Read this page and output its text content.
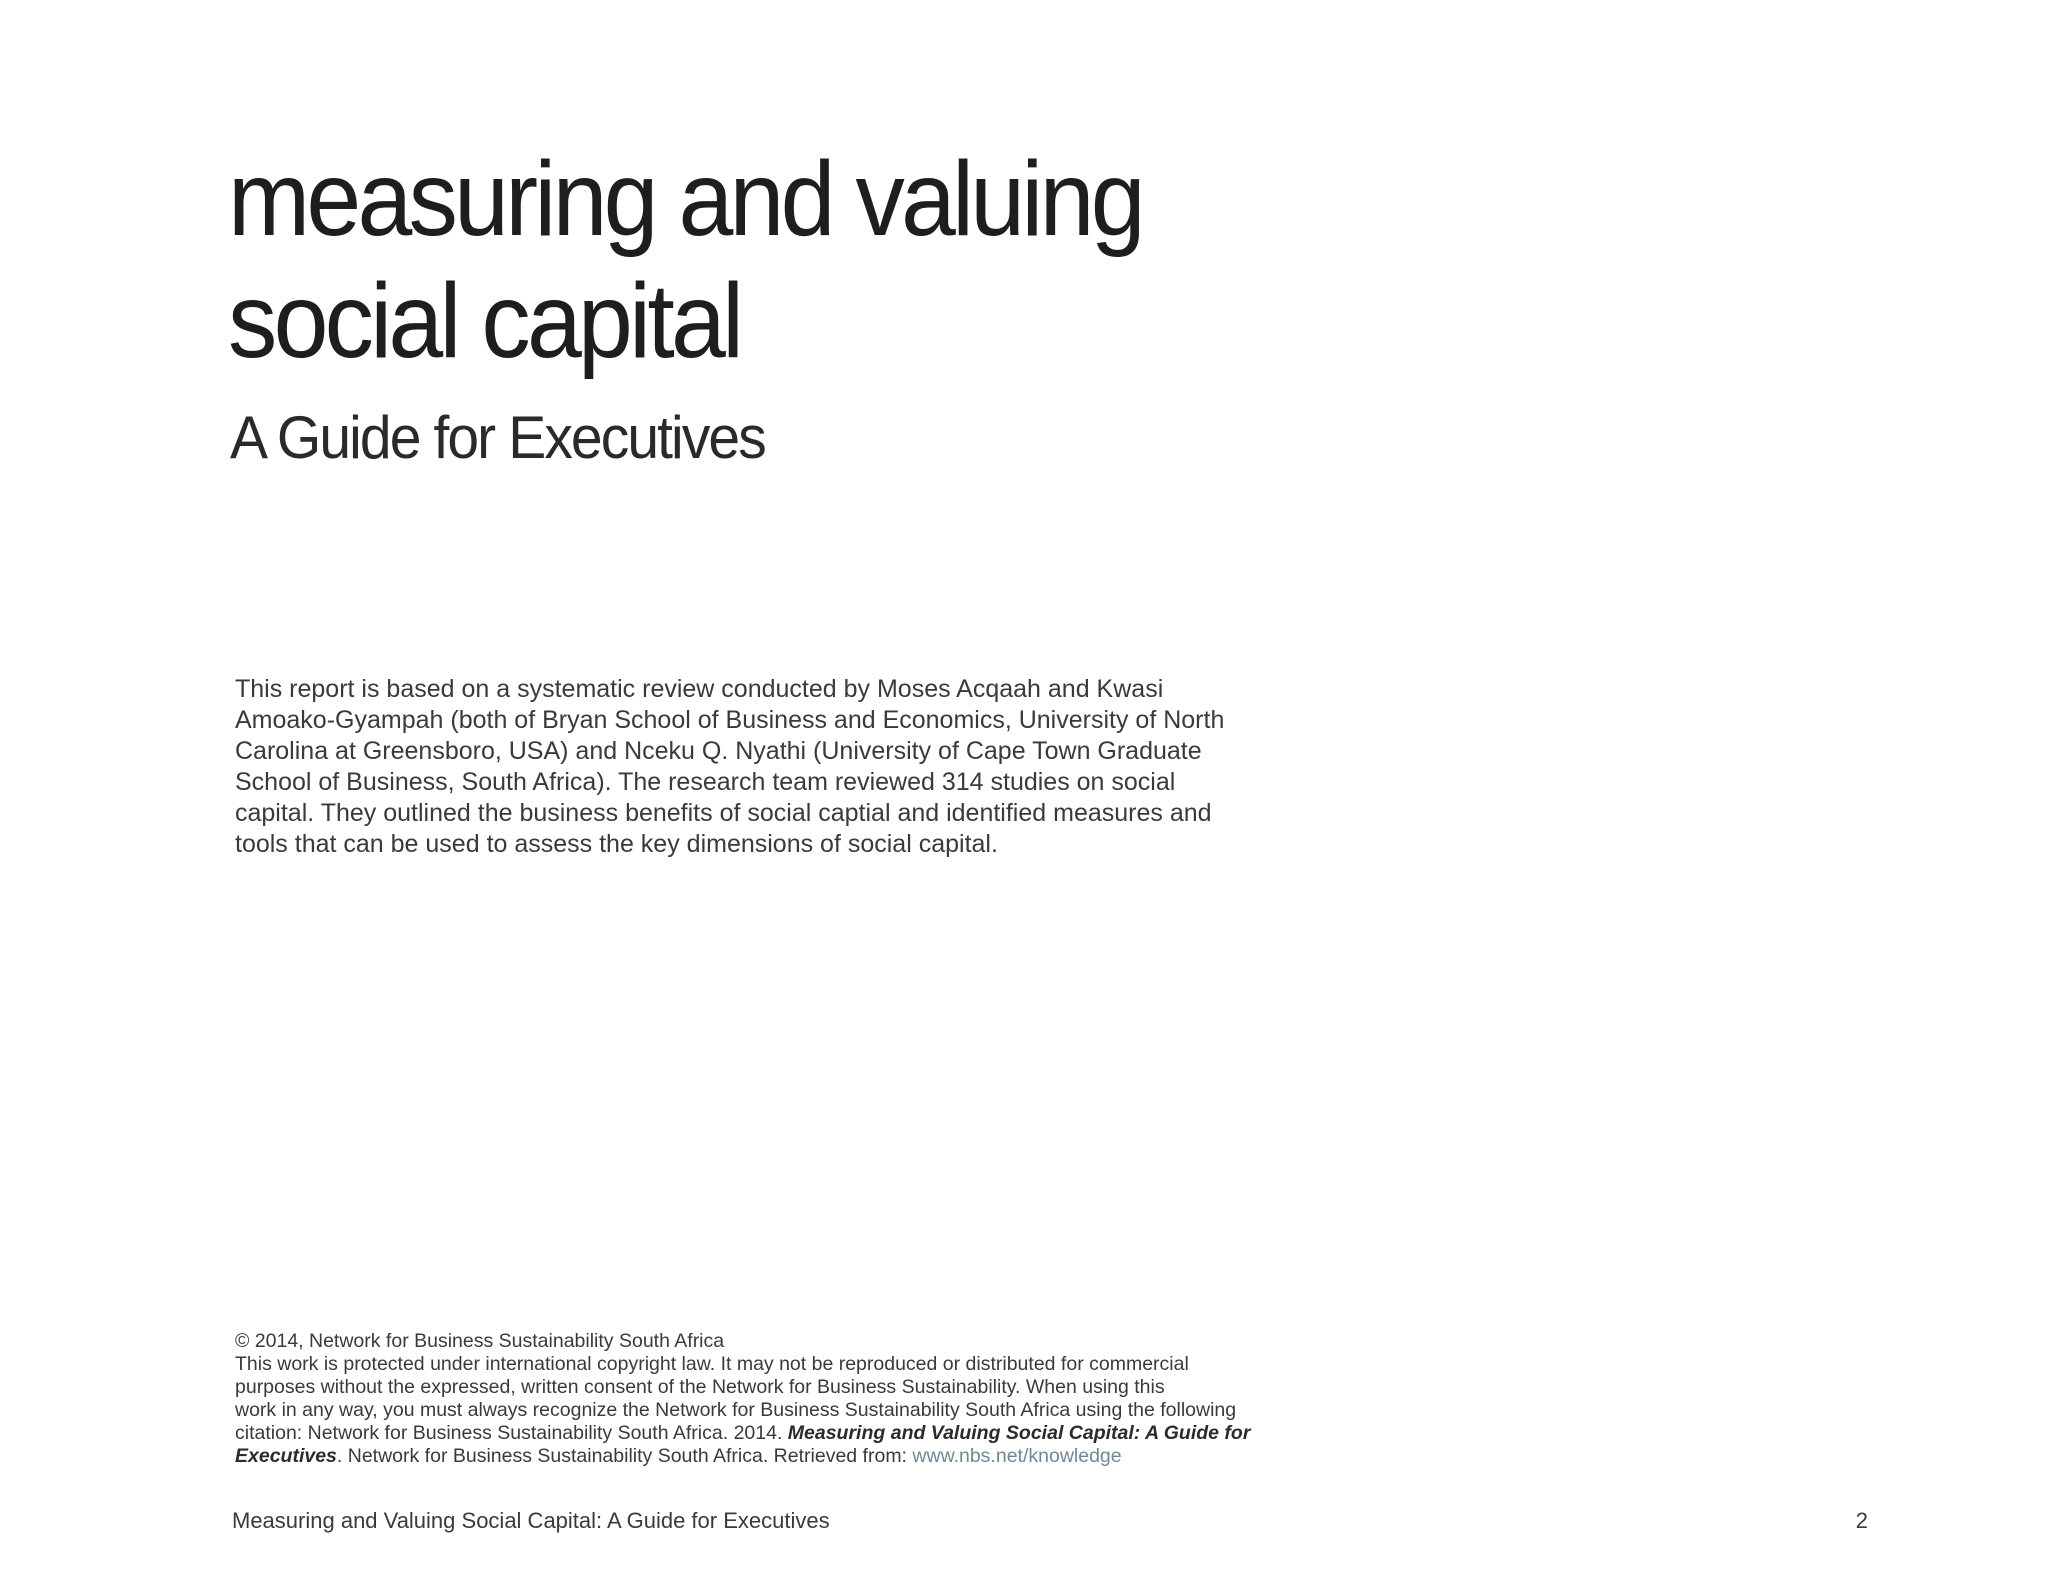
measuring and valuing
social capital
A Guide for Executives
This report is based on a systematic review conducted by Moses Acqaah and Kwasi
Amoako-Gyampah (both of Bryan School of Business and Economics, University of North
Carolina at Greensboro, USA) and Nceku Q. Nyathi (University of Cape Town Graduate
School of Business, South Africa). The research team reviewed 314 studies on social
capital. They outlined the business benefits of social captial and identified measures and
tools that can be used to assess the key dimensions of social capital.
© 2014, Network for Business Sustainability South Africa
This work is protected under international copyright law. It may not be reproduced or distributed for commercial
purposes without the expressed, written consent of the Network for Business Sustainability. When using this
work in any way, you must always recognize the Network for Business Sustainability South Africa using the following
citation: Network for Business Sustainability South Africa. 2014. Measuring and Valuing Social Capital: A Guide for
Executives. Network for Business Sustainability South Africa. Retrieved from: www.nbs.net/knowledge
Measuring and Valuing Social Capital: A Guide for Executives	2
